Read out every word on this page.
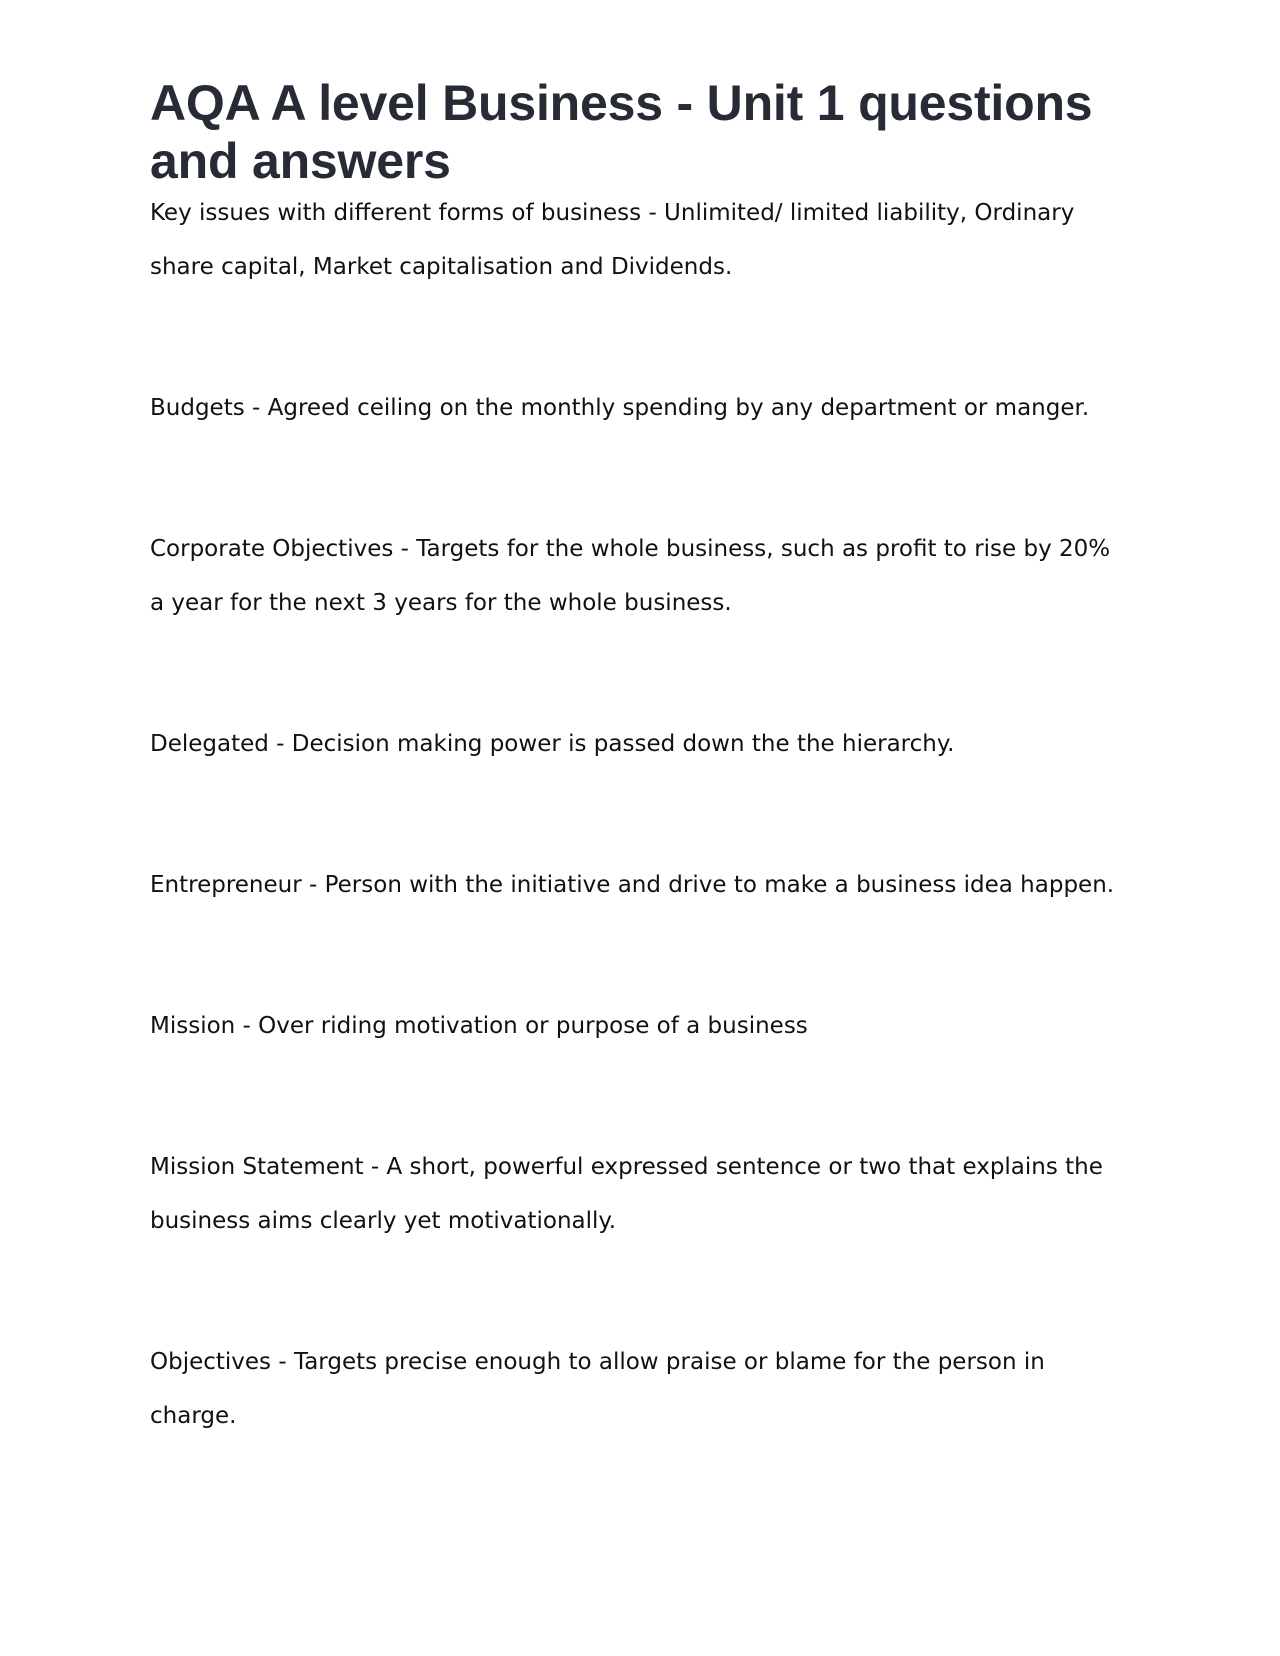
AQA A level Business - Unit 1 questions and answers
Key issues with different forms of business - Unlimited/ limited liability, Ordinary share capital, Market capitalisation and Dividends.
Budgets - Agreed ceiling on the monthly spending by any department or manger.
Corporate Objectives - Targets for the whole business, such as profit to rise by 20% a year for the next 3 years for the whole business.
Delegated - Decision making power is passed down the the hierarchy.
Entrepreneur - Person with the initiative and drive to make a business idea happen.
Mission - Over riding motivation or purpose of a business
Mission Statement - A short, powerful expressed sentence or two that explains the business aims clearly yet motivationally.
Objectives - Targets precise enough to allow praise or blame for the person in charge.
